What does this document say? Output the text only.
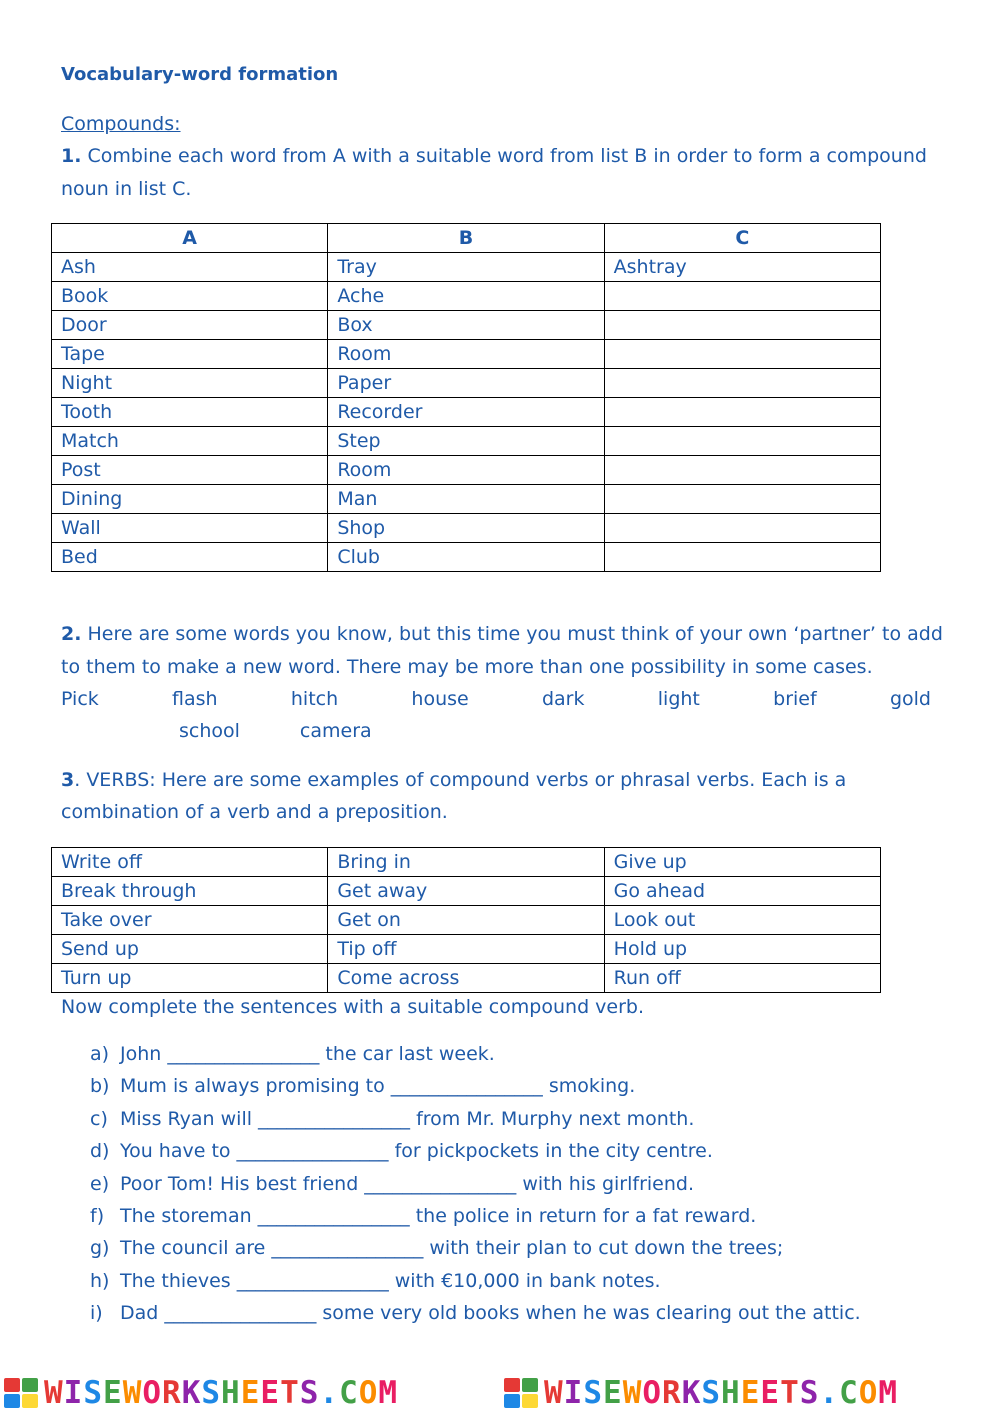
Vocabulary-word formation
Compounds:
1. Combine each word from A with a suitable word from list B in order to form a compound
noun in list C.
A	B	C
Ash	Tray	Ashtray
Book	Ache	
Door	Box	
Tape	Room	
Night	Paper	
Tooth	Recorder	
Match	Step	
Post	Room	
Dining	Man	
Wall	Shop	
Bed	Club	
2. Here are some words you know, but this time you must think of your own ‘partner’ to add
to them to make a new word. There may be more than one possibility in some cases.
Pick	flash	hitch	house	dark	light	brief	gold
school	camera
3. VERBS: Here are some examples of compound verbs or phrasal verbs. Each is a
combination of a verb and a preposition.
Write off	Bring in	Give up
Break through	Get away	Go ahead
Take over	Get on	Look out
Send up	Tip off	Hold up
Turn up	Come across	Run off
Now complete the sentences with a suitable compound verb.
a) John ________________ the car last week.
b) Mum is always promising to ________________ smoking.
c) Miss Ryan will ________________ from Mr. Murphy next month.
d) You have to ________________ for pickpockets in the city centre.
e) Poor Tom! His best friend ________________ with his girlfriend.
f) The storeman ________________ the police in return for a fat reward.
g) The council are ________________ with their plan to cut down the trees;
h) The thieves ________________ with €10,000 in bank notes.
i) Dad ________________ some very old books when he was clearing out the attic.
WISEWORKSHEETS.COM	WISEWORKSHEETS.COM
